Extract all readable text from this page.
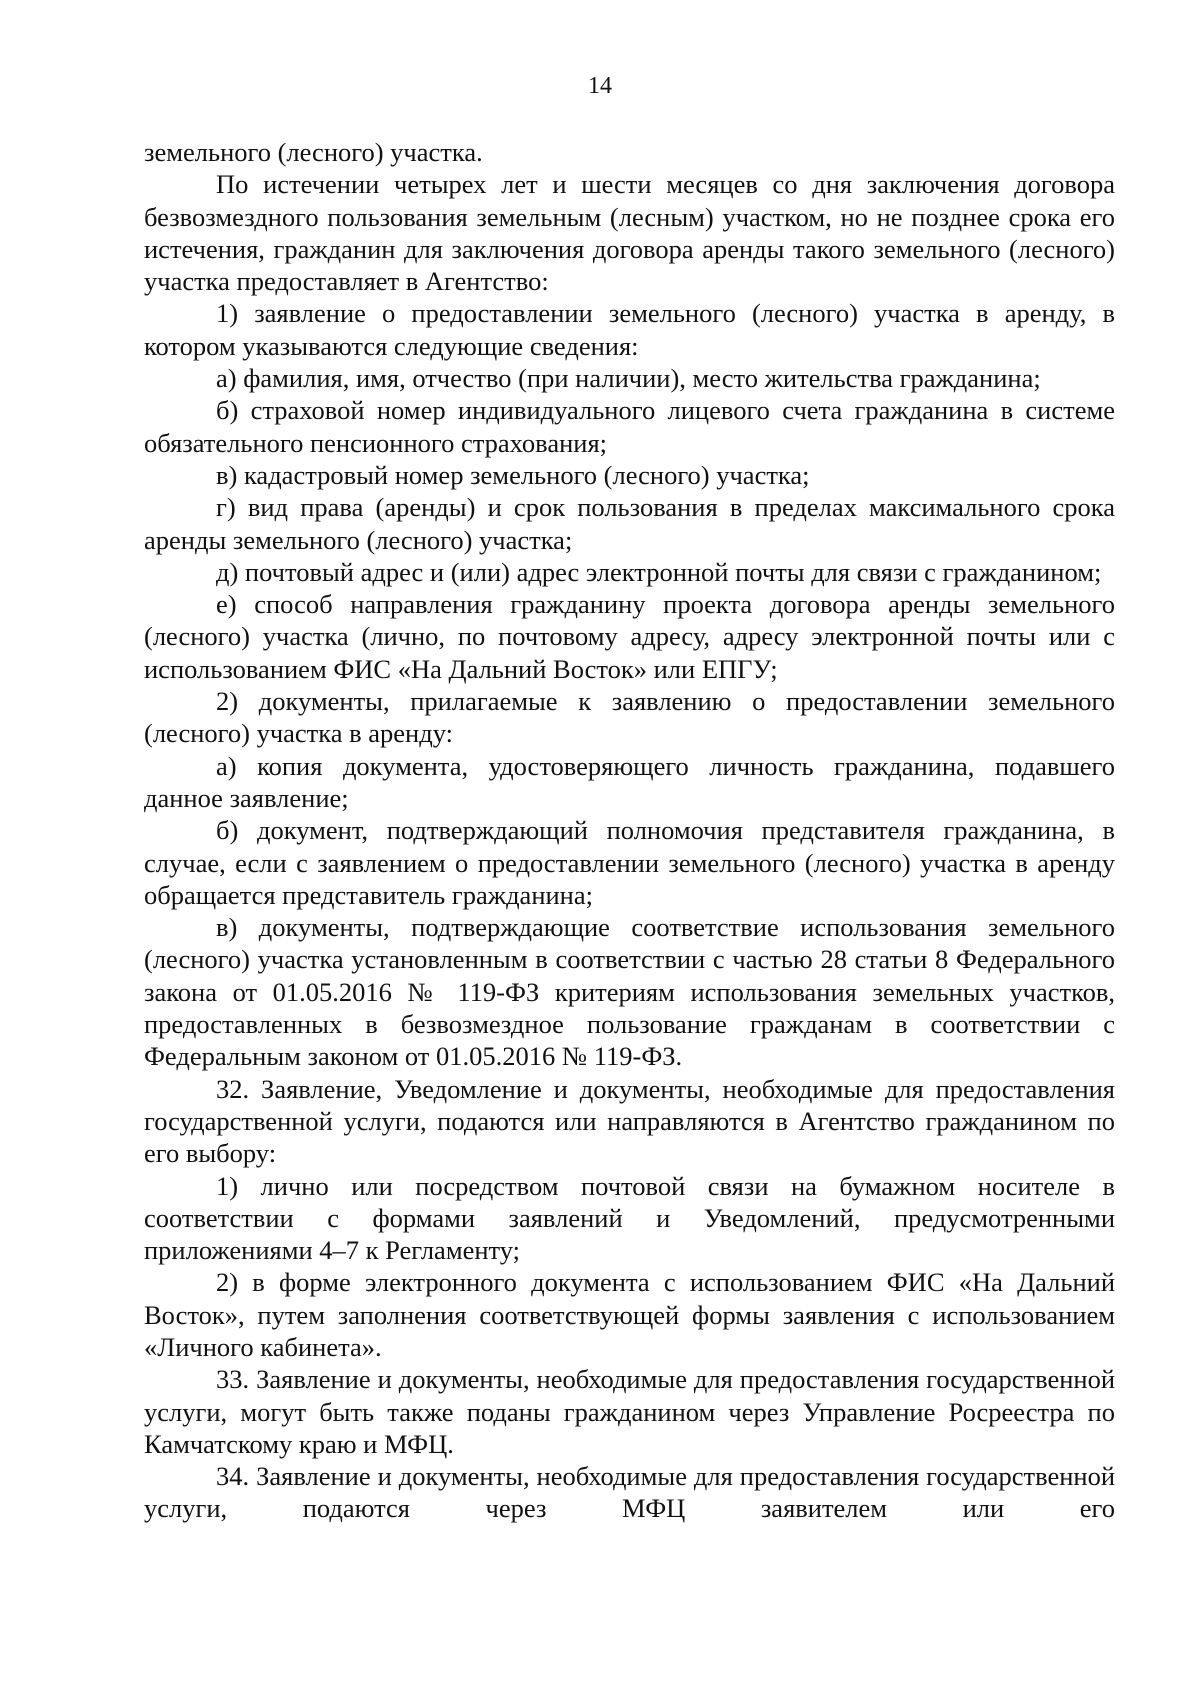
14

земельного (лесного) участка.

По истечении четырех лет и шести месяцев со дня заключения договора безвозмездного пользования земельным (лесным) участком, но не позднее срока его истечения, гражданин для заключения договора аренды такого земельного (лесного) участка предоставляет в Агентство:

1) заявление о предоставлении земельного (лесного) участка в аренду, в котором указываются следующие сведения:

а) фамилия, имя, отчество (при наличии), место жительства гражданина;

б) страховой номер индивидуального лицевого счета гражданина в системе обязательного пенсионного страхования;

в) кадастровый номер земельного (лесного) участка;

г) вид права (аренды) и срок пользования в пределах максимального срока аренды земельного (лесного) участка;

д) почтовый адрес и (или) адрес электронной почты для связи с гражданином;

е) способ направления гражданину проекта договора аренды земельного (лесного) участка (лично, по почтовому адресу, адресу электронной почты или с использованием ФИС «На Дальний Восток» или ЕПГУ;

2) документы, прилагаемые к заявлению о предоставлении земельного (лесного) участка в аренду:

а) копия документа, удостоверяющего личность гражданина, подавшего данное заявление;

б) документ, подтверждающий полномочия представителя гражданина, в случае, если с заявлением о предоставлении земельного (лесного) участка в аренду обращается представитель гражданина;

в) документы, подтверждающие соответствие использования земельного (лесного) участка установленным в соответствии с частью 28 статьи 8 Федерального закона от 01.05.2016 № 119-ФЗ критериям использования земельных участков, предоставленных в безвозмездное пользование гражданам в соответствии с Федеральным законом от 01.05.2016 № 119-ФЗ.

32. Заявление, Уведомление и документы, необходимые для предоставления государственной услуги, подаются или направляются в Агентство гражданином по его выбору:

1) лично или посредством почтовой связи на бумажном носителе в соответствии с формами заявлений и Уведомлений, предусмотренными приложениями 4–7 к Регламенту;

2) в форме электронного документа с использованием ФИС «На Дальний Восток», путем заполнения соответствующей формы заявления с использованием «Личного кабинета».

33. Заявление и документы, необходимые для предоставления государственной услуги, могут быть также поданы гражданином через Управление Росреестра по Камчатскому краю и МФЦ.

34. Заявление и документы, необходимые для предоставления государственной услуги, подаются через МФЦ заявителем или его
